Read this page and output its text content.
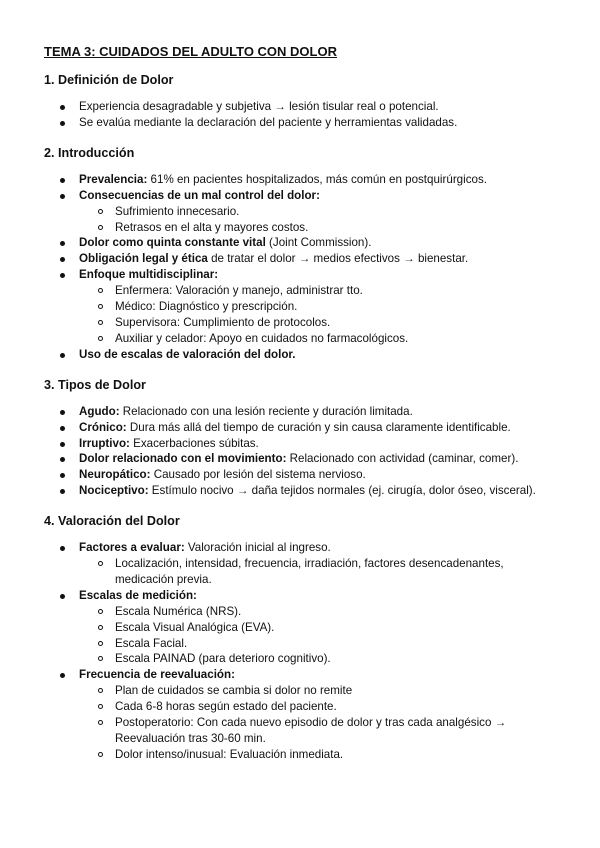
TEMA 3: CUIDADOS DEL ADULTO CON DOLOR
1. Definición de Dolor
Experiencia desagradable y subjetiva → lesión tisular real o potencial.
Se evalúa mediante la declaración del paciente y herramientas validadas.
2. Introducción
Prevalencia: 61% en pacientes hospitalizados, más común en postquirúrgicos.
Consecuencias de un mal control del dolor:
Sufrimiento innecesario.
Retrasos en el alta y mayores costos.
Dolor como quinta constante vital (Joint Commission).
Obligación legal y ética de tratar el dolor → medios efectivos → bienestar.
Enfoque multidisciplinar:
Enfermera: Valoración y manejo, administrar tto.
Médico: Diagnóstico y prescripción.
Supervisora: Cumplimiento de protocolos.
Auxiliar y celador: Apoyo en cuidados no farmacológicos.
Uso de escalas de valoración del dolor.
3. Tipos de Dolor
Agudo: Relacionado con una lesión reciente y duración limitada.
Crónico: Dura más allá del tiempo de curación y sin causa claramente identificable.
Irruptivo: Exacerbaciones súbitas.
Dolor relacionado con el movimiento: Relacionado con actividad (caminar, comer).
Neuropático: Causado por lesión del sistema nervioso.
Nociceptivo: Estímulo nocivo → daña tejidos normales (ej. cirugía, dolor óseo, visceral).
4. Valoración del Dolor
Factores a evaluar: Valoración inicial al ingreso.
Localización, intensidad, frecuencia, irradiación, factores desencadenantes, medicación previa.
Escalas de medición:
Escala Numérica (NRS).
Escala Visual Analógica (EVA).
Escala Facial.
Escala PAINAD (para deterioro cognitivo).
Frecuencia de reevaluación:
Plan de cuidados se cambia si dolor no remite
Cada 6-8 horas según estado del paciente.
Postoperatorio: Con cada nuevo episodio de dolor y tras cada analgésico → Reevaluación tras 30-60 min.
Dolor intenso/inusual: Evaluación inmediata.
